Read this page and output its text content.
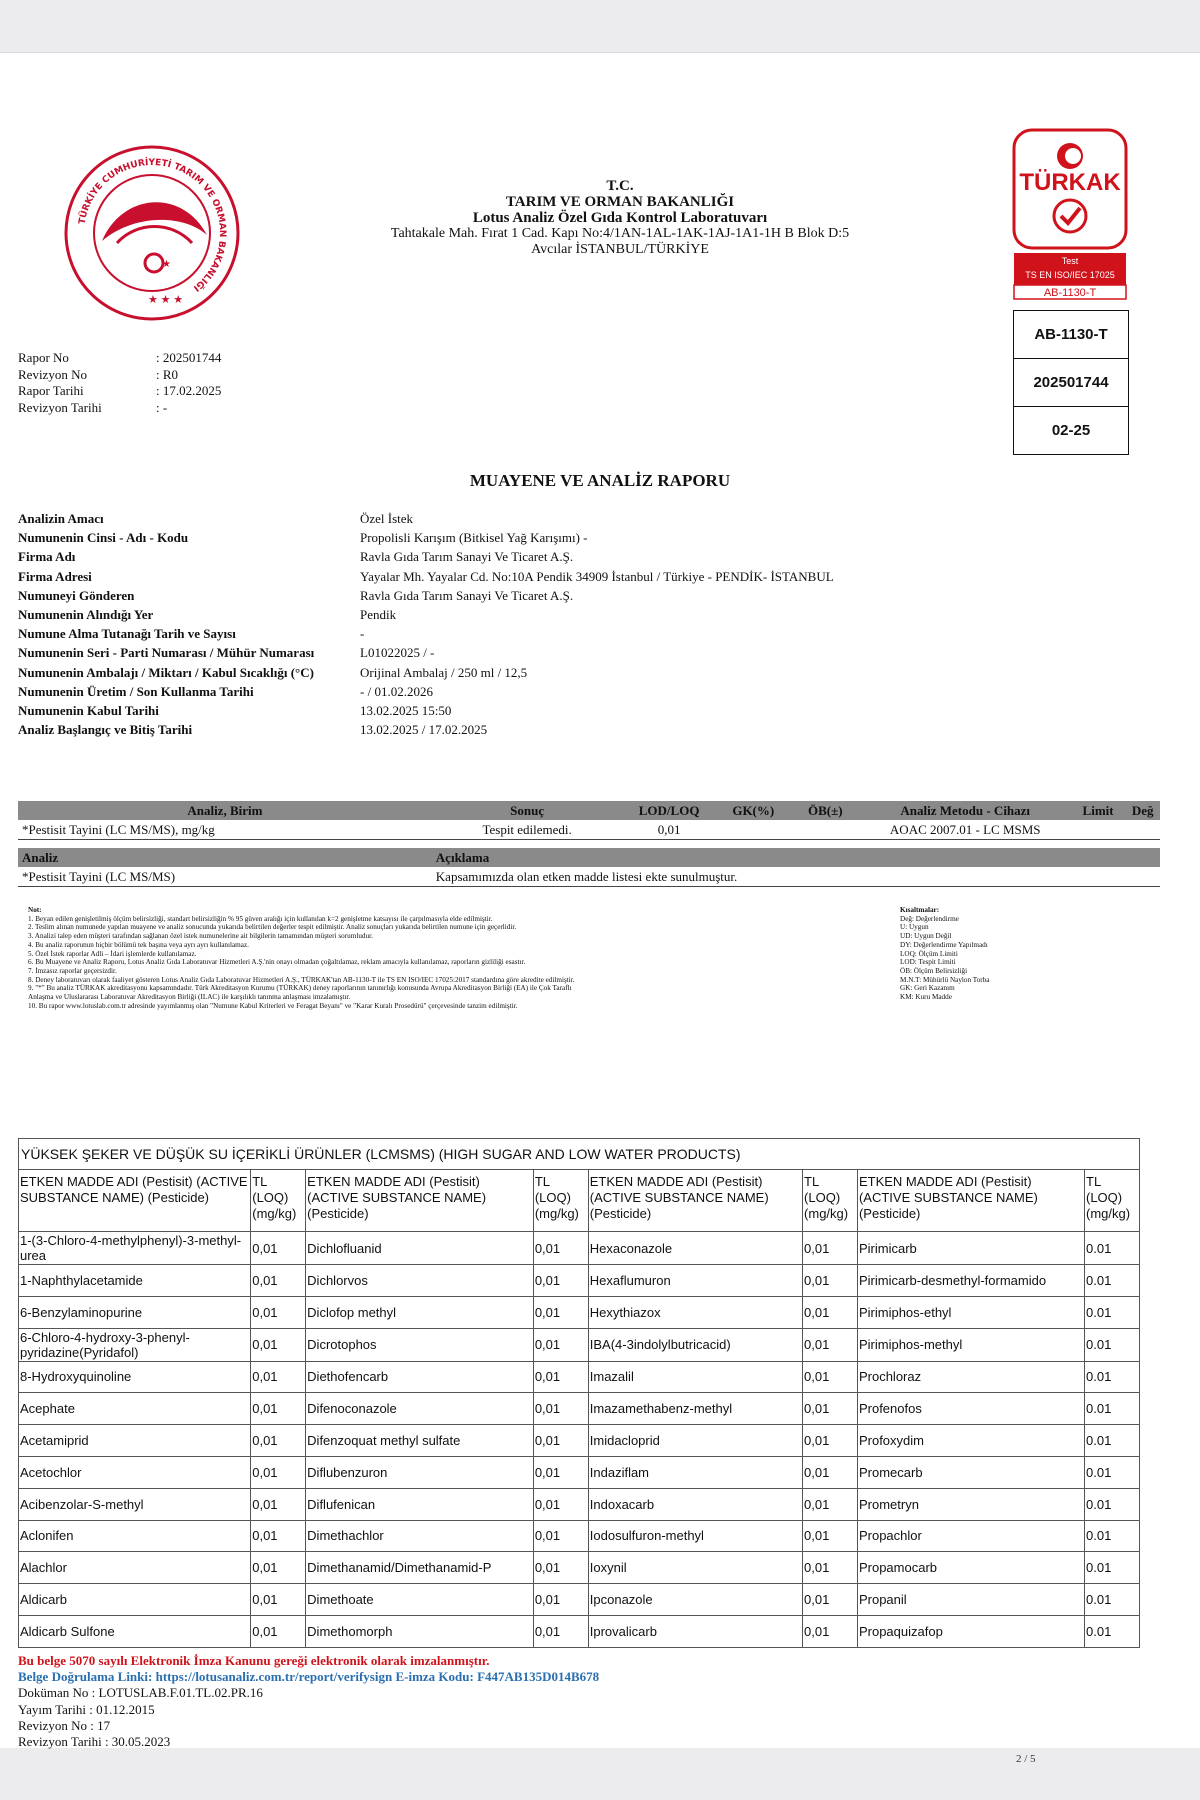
TÜRKİYE CUMHURİYETİ TARIM VE ORMAN BAKANLIĞI
★
★ ★ ★
T.C.
TARIM VE ORMAN BAKANLIĞI
Lotus Analiz Özel Gıda Kontrol Laboratuvarı
Tahtakale Mah. Fırat 1 Cad. Kapı No:4/1AN-1AL-1AK-1AJ-1A1-1H B Blok D:5
Avcılar İSTANBUL/TÜRKİYE
TÜRKAK
Test
TS EN ISO/IEC 17025
AB-1130-T
AB-1130-T
202501744
02-25
Rapor No	: 202501744
Revizyon No	: R0
Rapor Tarihi	: 17.02.2025
Revizyon Tarihi	: -
MUAYENE VE ANALİZ RAPORU
Analizin Amacı	Özel İstek
Numunenin Cinsi - Adı - Kodu	Propolisli Karışım (Bitkisel Yağ Karışımı) -
Firma Adı	Ravla Gıda Tarım Sanayi Ve Ticaret A.Ş.
Firma Adresi	Yayalar Mh. Yayalar Cd. No:10A Pendik 34909 İstanbul / Türkiye - PENDİK- İSTANBUL
Numuneyi Gönderen	Ravla Gıda Tarım Sanayi Ve Ticaret A.Ş.
Numunenin Alındığı Yer	Pendik
Numune Alma Tutanağı Tarih ve Sayısı	-
Numunenin Seri - Parti Numarası / Mühür Numarası	L01022025 / -
Numunenin Ambalajı / Miktarı / Kabul Sıcaklığı (°C)	Orijinal Ambalaj / 250 ml / 12,5
Numunenin Üretim / Son Kullanma Tarihi	- / 01.02.2026
Numunenin Kabul Tarihi	13.02.2025 15:50
Analiz Başlangıç ve Bitiş Tarihi	13.02.2025 / 17.02.2025
Analiz, Birim	Sonuç	LOD/LOQ	GK(%)	ÖB(±)	Analiz Metodu - Cihazı	Limit	Değ
*Pestisit Tayini (LC MS/MS), mg/kg	Tespit edilemedi.	0,01			AOAC 2007.01 - LC MSMS		

Analiz	Açıklama						
*Pestisit Tayini (LC MS/MS)	Kapsamımızda olan etken madde listesi ekte sunulmuştur.						
Not:
1. Beyan edilen genişletilmiş ölçüm belirsizliği, standart belirsizliğin % 95 güven aralığı için kullanılan k=2 genişletme katsayısı ile çarpılmasıyla elde edilmiştir.
2. Teslim alınan numunede yapılan muayene ve analiz sonucunda yukarıda belirtilen değerler tespit edilmiştir. Analiz sonuçları yukarıda belirtilen numune için geçerlidir.
3. Analizi talep eden müşteri tarafından sağlanan özel istek numunelerine ait bilgilerin tamamından müşteri sorumludur.
4. Bu analiz raporunun hiçbir bölümü tek başına veya ayrı ayrı kullanılamaz.
5. Özel İstek raporlar Adli – İdari işlemlerde kullanılamaz.
6. Bu Muayene ve Analiz Raporu, Lotus Analiz Gıda Laboratuvar Hizmetleri A.Ş.'nin onayı olmadan çoğaltılamaz, reklam amacıyla kullanılamaz, raporların gizliliği esastır.
7. İmzasız raporlar geçersizdir.
8. Deney laboratuvarı olarak faaliyet gösteren Lotus Analiz Gıda Laboratuvar Hizmetleri A.Ş., TÜRKAK'tan AB-1130-T ile TS EN ISO/IEC 17025:2017 standardına göre akredite edilmiştir.
9. "*" Bu analiz TÜRKAK akreditasyonu kapsamındadır. Türk Akreditasyon Kurumu (TÜRKAK) deney raporlarının tanınırlığı konusunda Avrupa Akreditasyon Birliği (EA) ile Çok Taraflı
Anlaşma ve Uluslararası Laboratuvar Akreditasyon Birliği (ILAC) ile karşılıklı tanınma anlaşması imzalamıştır.
10. Bu rapor www.lotuslab.com.tr adresinde yayımlanmış olan "Numune Kabul Kriterleri ve Feragat Beyanı" ve "Karar Kuralı Prosedürü" çerçevesinde tanzim edilmiştir.
Kısaltmalar:
Değ: Değerlendirme
U: Uygun
UD: Uygun Değil
DY: Değerlendirme Yapılmadı
LOQ: Ölçüm Limiti
LOD: Tespit Limiti
ÖB: Ölçüm Belirsizliği
M.N.T: Mühürlü Naylon Torba
GK: Geri Kazanım
KM: Kuru Madde
YÜKSEK ŞEKER VE DÜŞÜK SU İÇERİKLİ ÜRÜNLER (LCMSMS) (HIGH SUGAR AND LOW WATER PRODUCTS)							
ETKEN MADDE ADI (Pestisit) (ACTIVE SUBSTANCE NAME) (Pesticide)	TL (LOQ) (mg/kg)	ETKEN MADDE ADI (Pestisit) (ACTIVE SUBSTANCE NAME) (Pesticide)	TL (LOQ) (mg/kg)	ETKEN MADDE ADI (Pestisit) (ACTIVE SUBSTANCE NAME) (Pesticide)	TL (LOQ) (mg/kg)	ETKEN MADDE ADI (Pestisit) (ACTIVE SUBSTANCE NAME) (Pesticide)	TL (LOQ) (mg/kg)
1-(3-Chloro-4-methylphenyl)-3-methyl-urea	0,01	Dichlofluanid	0,01	Hexaconazole	0,01	Pirimicarb	0.01
1-Naphthylacetamide	0,01	Dichlorvos	0,01	Hexaflumuron	0,01	Pirimicarb-desmethyl-formamido	0.01
6-Benzylaminopurine	0,01	Diclofop methyl	0,01	Hexythiazox	0,01	Pirimiphos-ethyl	0.01
6-Chloro-4-hydroxy-3-phenyl-pyridazine(Pyridafol)	0,01	Dicrotophos	0,01	IBA(4-3indolylbutricacid)	0,01	Pirimiphos-methyl	0.01
8-Hydroxyquinoline	0,01	Diethofencarb	0,01	Imazalil	0,01	Prochloraz	0.01
Acephate	0,01	Difenoconazole	0,01	Imazamethabenz-methyl	0,01	Profenofos	0.01
Acetamiprid	0,01	Difenzoquat methyl sulfate	0,01	Imidacloprid	0,01	Profoxydim	0.01
Acetochlor	0,01	Diflubenzuron	0,01	Indaziflam	0,01	Promecarb	0.01
Acibenzolar-S-methyl	0,01	Diflufenican	0,01	Indoxacarb	0,01	Prometryn	0.01
Aclonifen	0,01	Dimethachlor	0,01	Iodosulfuron-methyl	0,01	Propachlor	0.01
Alachlor	0,01	Dimethanamid/Dimethanamid-P	0,01	Ioxynil	0,01	Propamocarb	0.01
Aldicarb	0,01	Dimethoate	0,01	Ipconazole	0,01	Propanil	0.01
Aldicarb Sulfone	0,01	Dimethomorph	0,01	Iprovalicarb	0,01	Propaquizafop	0.01
Bu belge 5070 sayılı Elektronik İmza Kanunu gereği elektronik olarak imzalanmıştır.
Belge Doğrulama Linki: https://lotusanaliz.com.tr/report/verifysign E-imza Kodu: F447AB135D014B678
Doküman No : LOTUSLAB.F.01.TL.02.PR.16
Yayım Tarihi : 01.12.2015
Revizyon No : 17
Revizyon Tarihi : 30.05.2023
2 / 5
